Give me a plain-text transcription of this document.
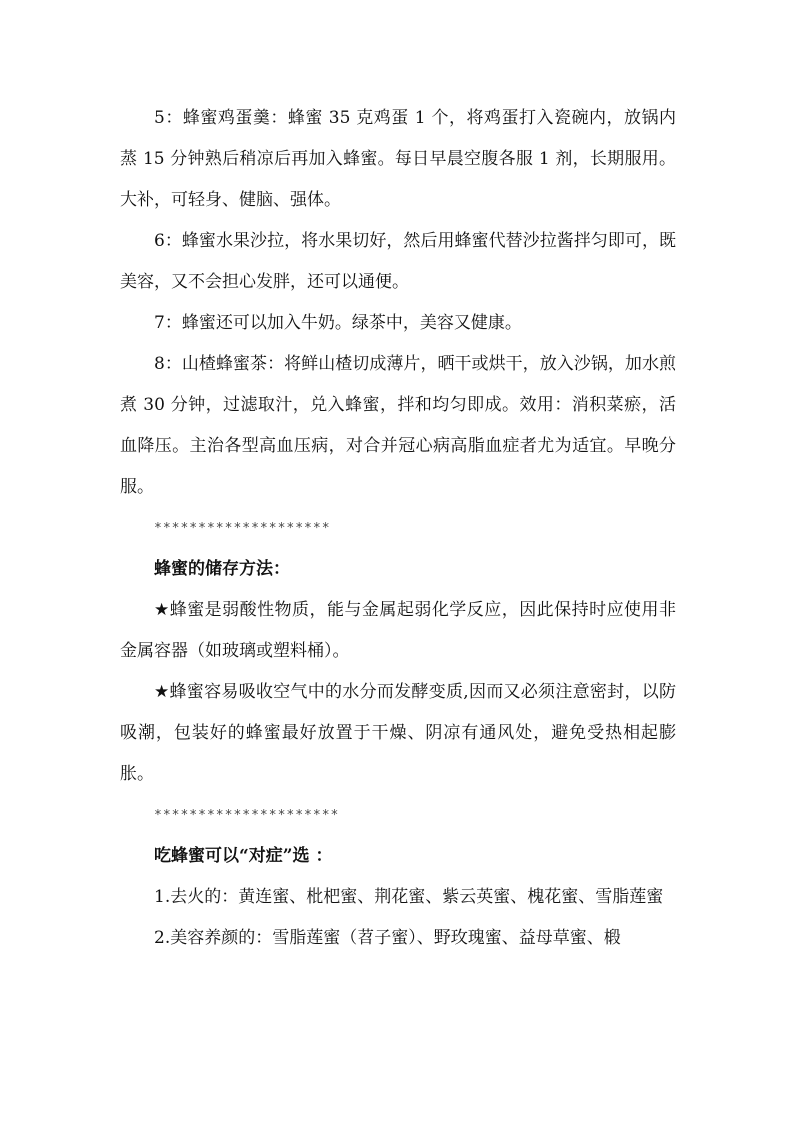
5：蜂蜜鸡蛋羹：蜂蜜 35 克鸡蛋 1 个，将鸡蛋打入瓷碗内，放锅内蒸 15 分钟熟后稍凉后再加入蜂蜜。每日早晨空腹各服 1 剂，长期服用。大补，可轻身、健脑、强体。

6：蜂蜜水果沙拉，将水果切好，然后用蜂蜜代替沙拉酱拌匀即可，既美容，又不会担心发胖，还可以通便。

7：蜂蜜还可以加入牛奶。绿茶中，美容又健康。

8：山楂蜂蜜茶：将鲜山楂切成薄片，晒干或烘干，放入沙锅，加水煎煮 30 分钟，过滤取汁，兑入蜂蜜，拌和均匀即成。效用：消积菜瘀，活血降压。主治各型高血压病，对合并冠心病高脂血症者尤为适宜。早晚分服。

********************

蜂蜜的储存方法：

★蜂蜜是弱酸性物质，能与金属起弱化学反应，因此保持时应使用非金属容器（如玻璃或塑料桶）。

★蜂蜜容易吸收空气中的水分而发酵变质,因而又必须注意密封，以防吸潮，包装好的蜂蜜最好放置于干燥、阴凉有通风处，避免受热相起膨胀。

*********************

吃蜂蜜可以“对症”选 ：

1.去火的：黄连蜜、枇杷蜜、荆花蜜、紫云英蜜、槐花蜜、雪脂莲蜜

2.美容养颜的：雪脂莲蜜（苕子蜜）、野玫瑰蜜、益母草蜜、椴
